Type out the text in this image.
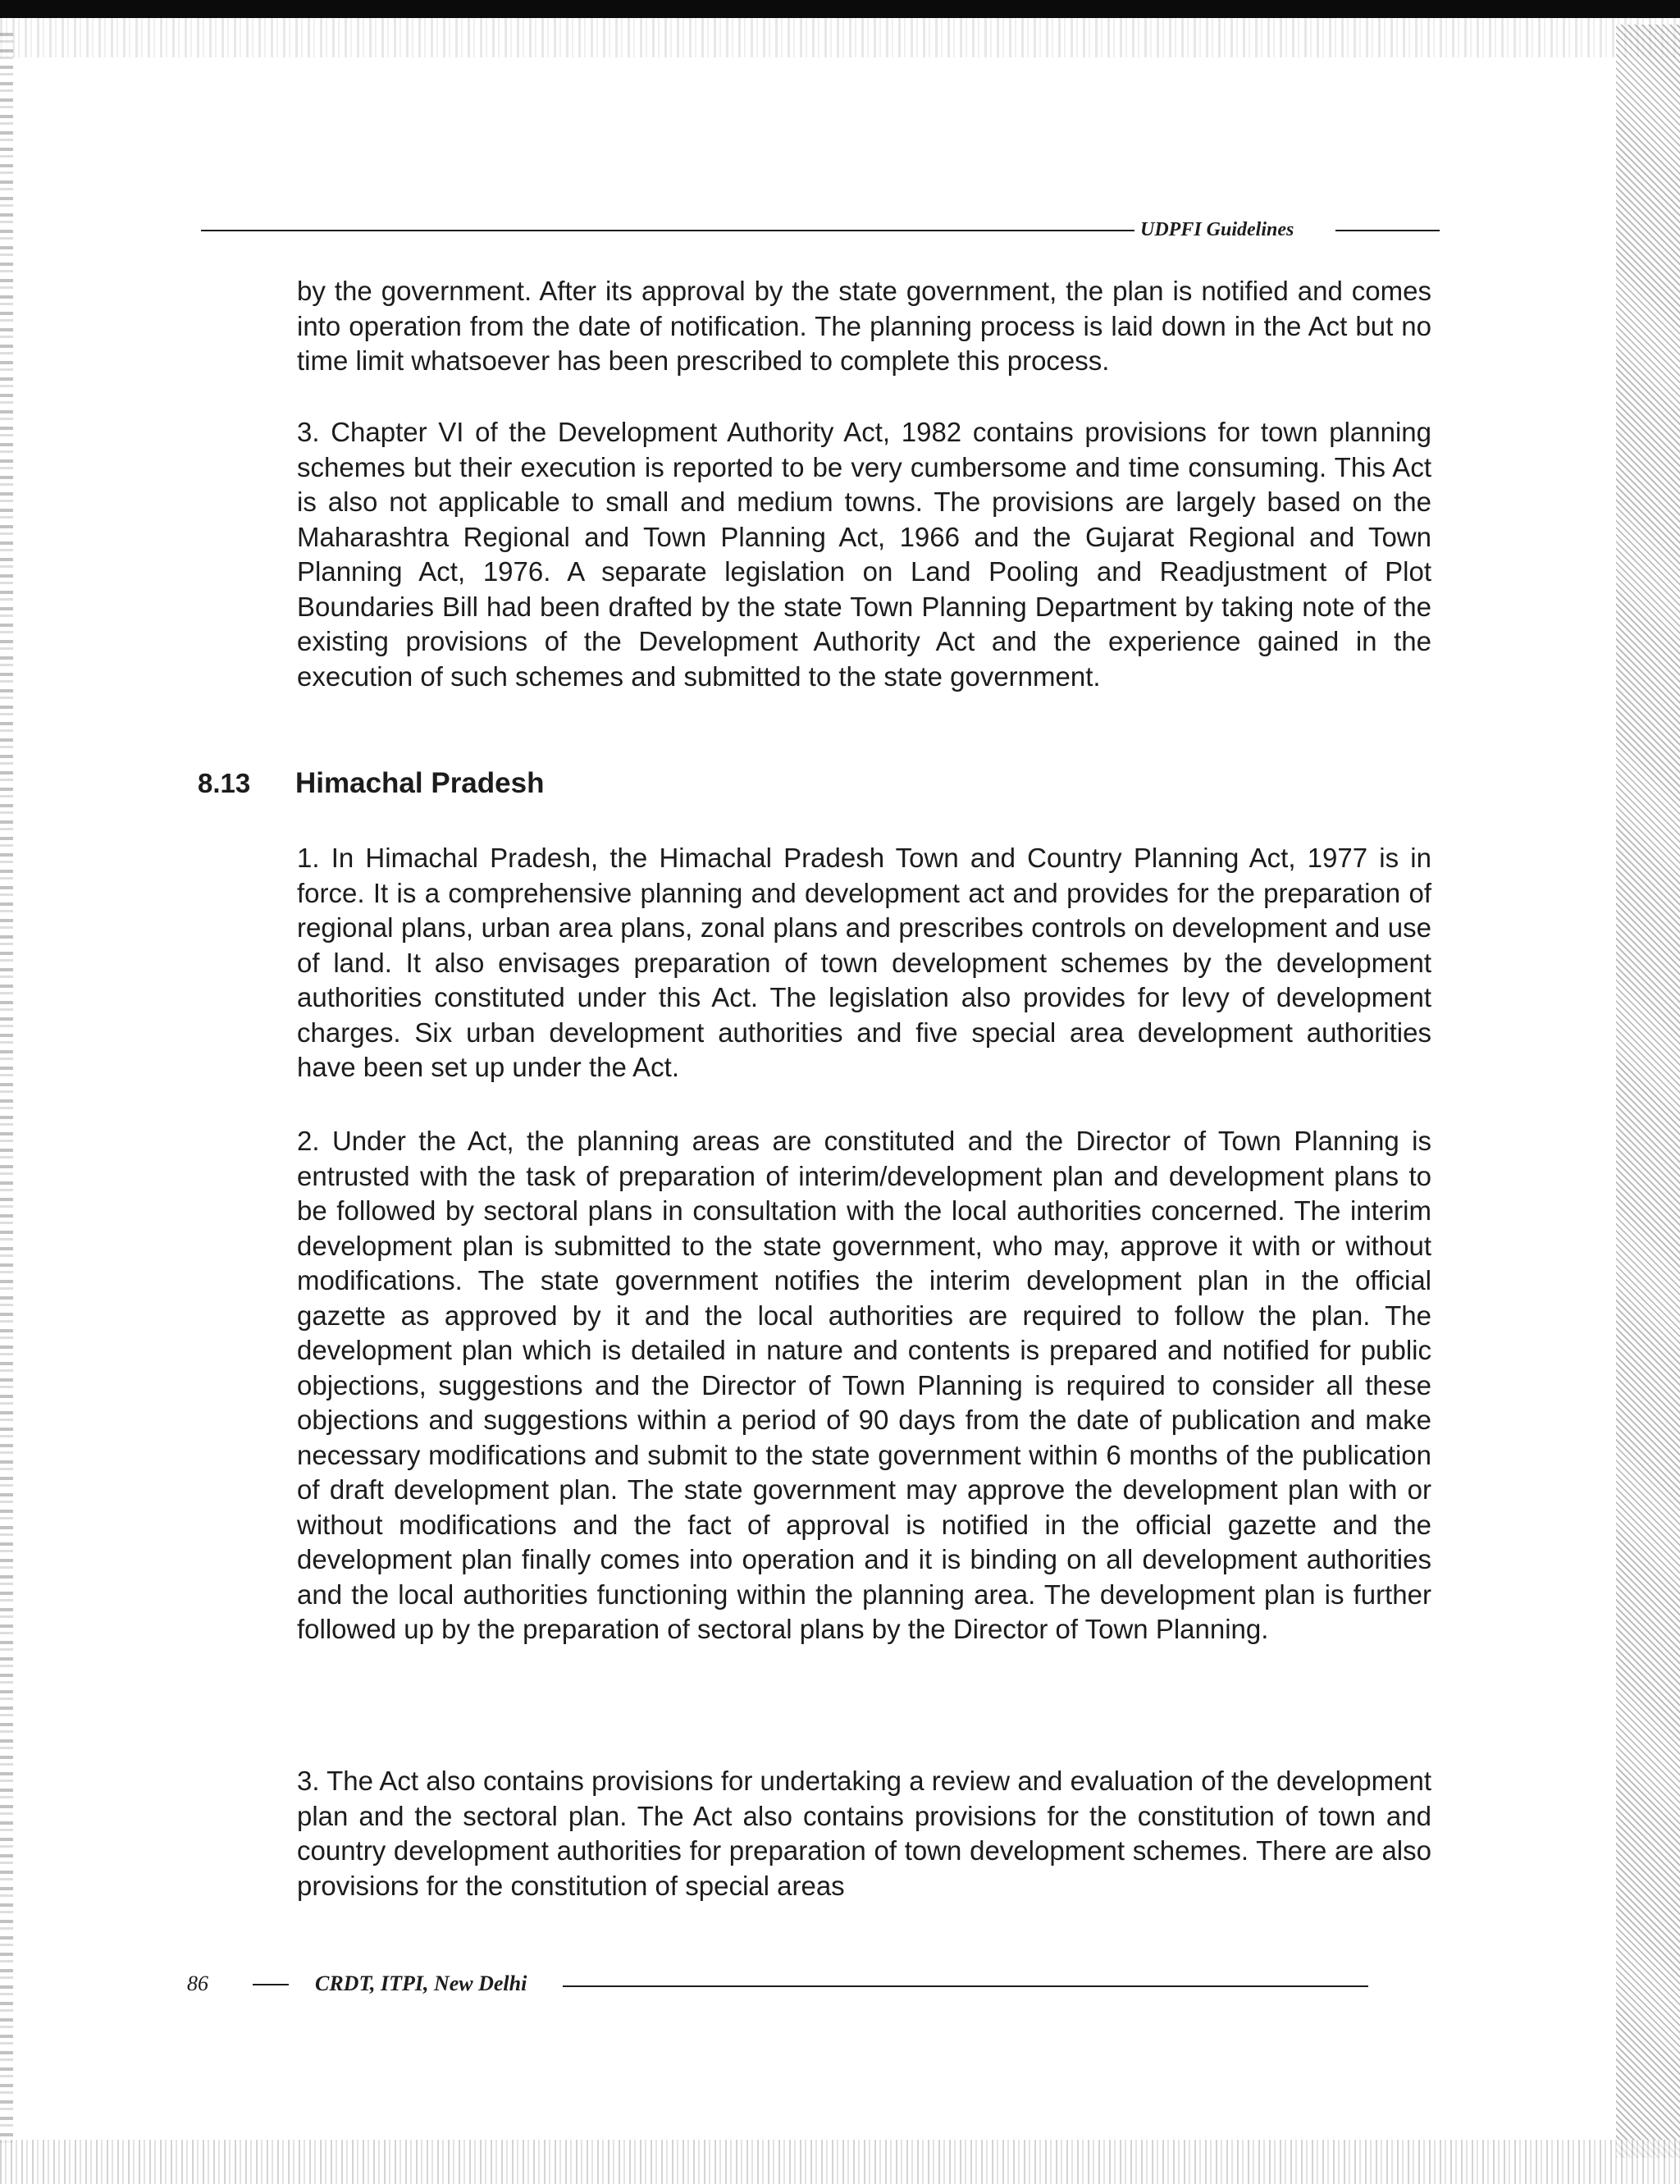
UDPFI Guidelines
by the government. After its approval by the state government, the plan is notified and comes into operation from the date of notification. The planning process is laid down in the Act but no time limit whatsoever has been prescribed to complete this process.
3. Chapter VI of the Development Authority Act, 1982 contains provisions for town planning schemes but their execution is reported to be very cumbersome and time consuming. This Act is also not applicable to small and medium towns. The provisions are largely based on the Maharashtra Regional and Town Planning Act, 1966 and the Gujarat Regional and Town Planning Act, 1976. A separate legislation on Land Pooling and Readjustment of Plot Boundaries Bill had been drafted by the state Town Planning Department by taking note of the existing provisions of the Development Authority Act and the experience gained in the execution of such schemes and submitted to the state government.
8.13 Himachal Pradesh
1. In Himachal Pradesh, the Himachal Pradesh Town and Country Planning Act, 1977 is in force. It is a comprehensive planning and development act and provides for the preparation of regional plans, urban area plans, zonal plans and prescribes controls on development and use of land. It also envisages preparation of town development schemes by the development authorities constituted under this Act. The legislation also provides for levy of development charges. Six urban development authorities and five special area development authorities have been set up under the Act.
2. Under the Act, the planning areas are constituted and the Director of Town Planning is entrusted with the task of preparation of interim/development plan and development plans to be followed by sectoral plans in consultation with the local authorities concerned. The interim development plan is submitted to the state government, who may, approve it with or without modifications. The state government notifies the interim development plan in the official gazette as approved by it and the local authorities are required to follow the plan. The development plan which is detailed in nature and contents is prepared and notified for public objections, suggestions and the Director of Town Planning is required to consider all these objections and suggestions within a period of 90 days from the date of publication and make necessary modifications and submit to the state government within 6 months of the publication of draft development plan. The state government may approve the development plan with or without modifications and the fact of approval is notified in the official gazette and the development plan finally comes into operation and it is binding on all development authorities and the local authorities functioning within the planning area. The development plan is further followed up by the preparation of sectoral plans by the Director of Town Planning.
3. The Act also contains provisions for undertaking a review and evaluation of the development plan and the sectoral plan. The Act also contains provisions for the constitution of town and country development authorities for preparation of town development schemes. There are also provisions for the constitution of special areas
86	CRDT, ITPI, New Delhi
